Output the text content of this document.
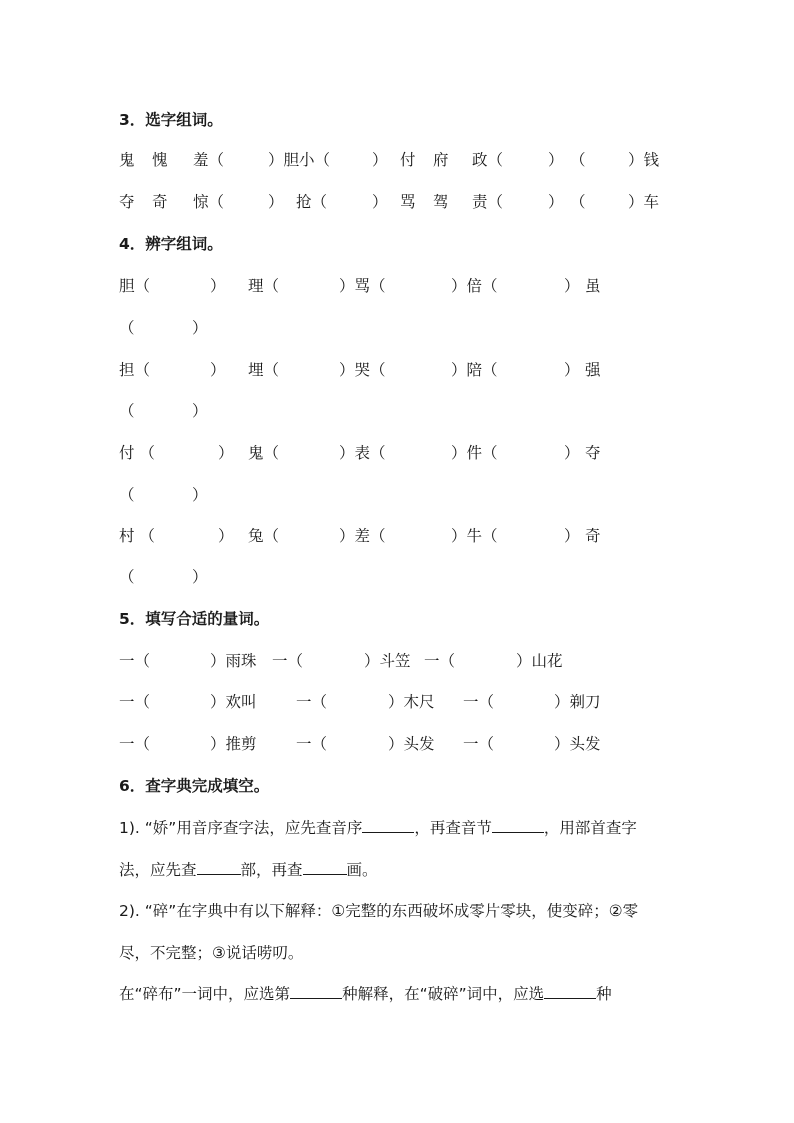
3．选字组词。
鬼 愧 羞（	）胆小（	） 付 府 政（	） （	）钱
夺 奇 惊（	） 抢（	） 骂 驾 责（	） （	）车
4．辨字组词。
胆（	） 理（	）骂（	）倍（	） 虽
（	）
担（	） 埋（	）哭（	）陪（	） 强
（	）
付 （	） 鬼（	）表（	）件（	） 夺
（	）
村 （	） 兔（	）差（	）牛（	） 奇
（	）
5．填写合适的量词。
一（	）雨珠 一（	）斗笠 一（	）山花
一（	）欢叫	一（	）木尺 一（	）剃刀
一（	）推剪	一（	）头发 一（	）头发
6．查字典完成填空。
1). “娇”用音序查字法，应先查音序	，再查音节	，用部首查字
法，应先查	部，再查	画。
2). “碎”在字典中有以下解释：①完整的东西破坏成零片零块，使变碎；②零
尽，不完整；③说话唠叨。
在“碎布”一词中，应选第	种解释，在“破碎”词中，应选	种
